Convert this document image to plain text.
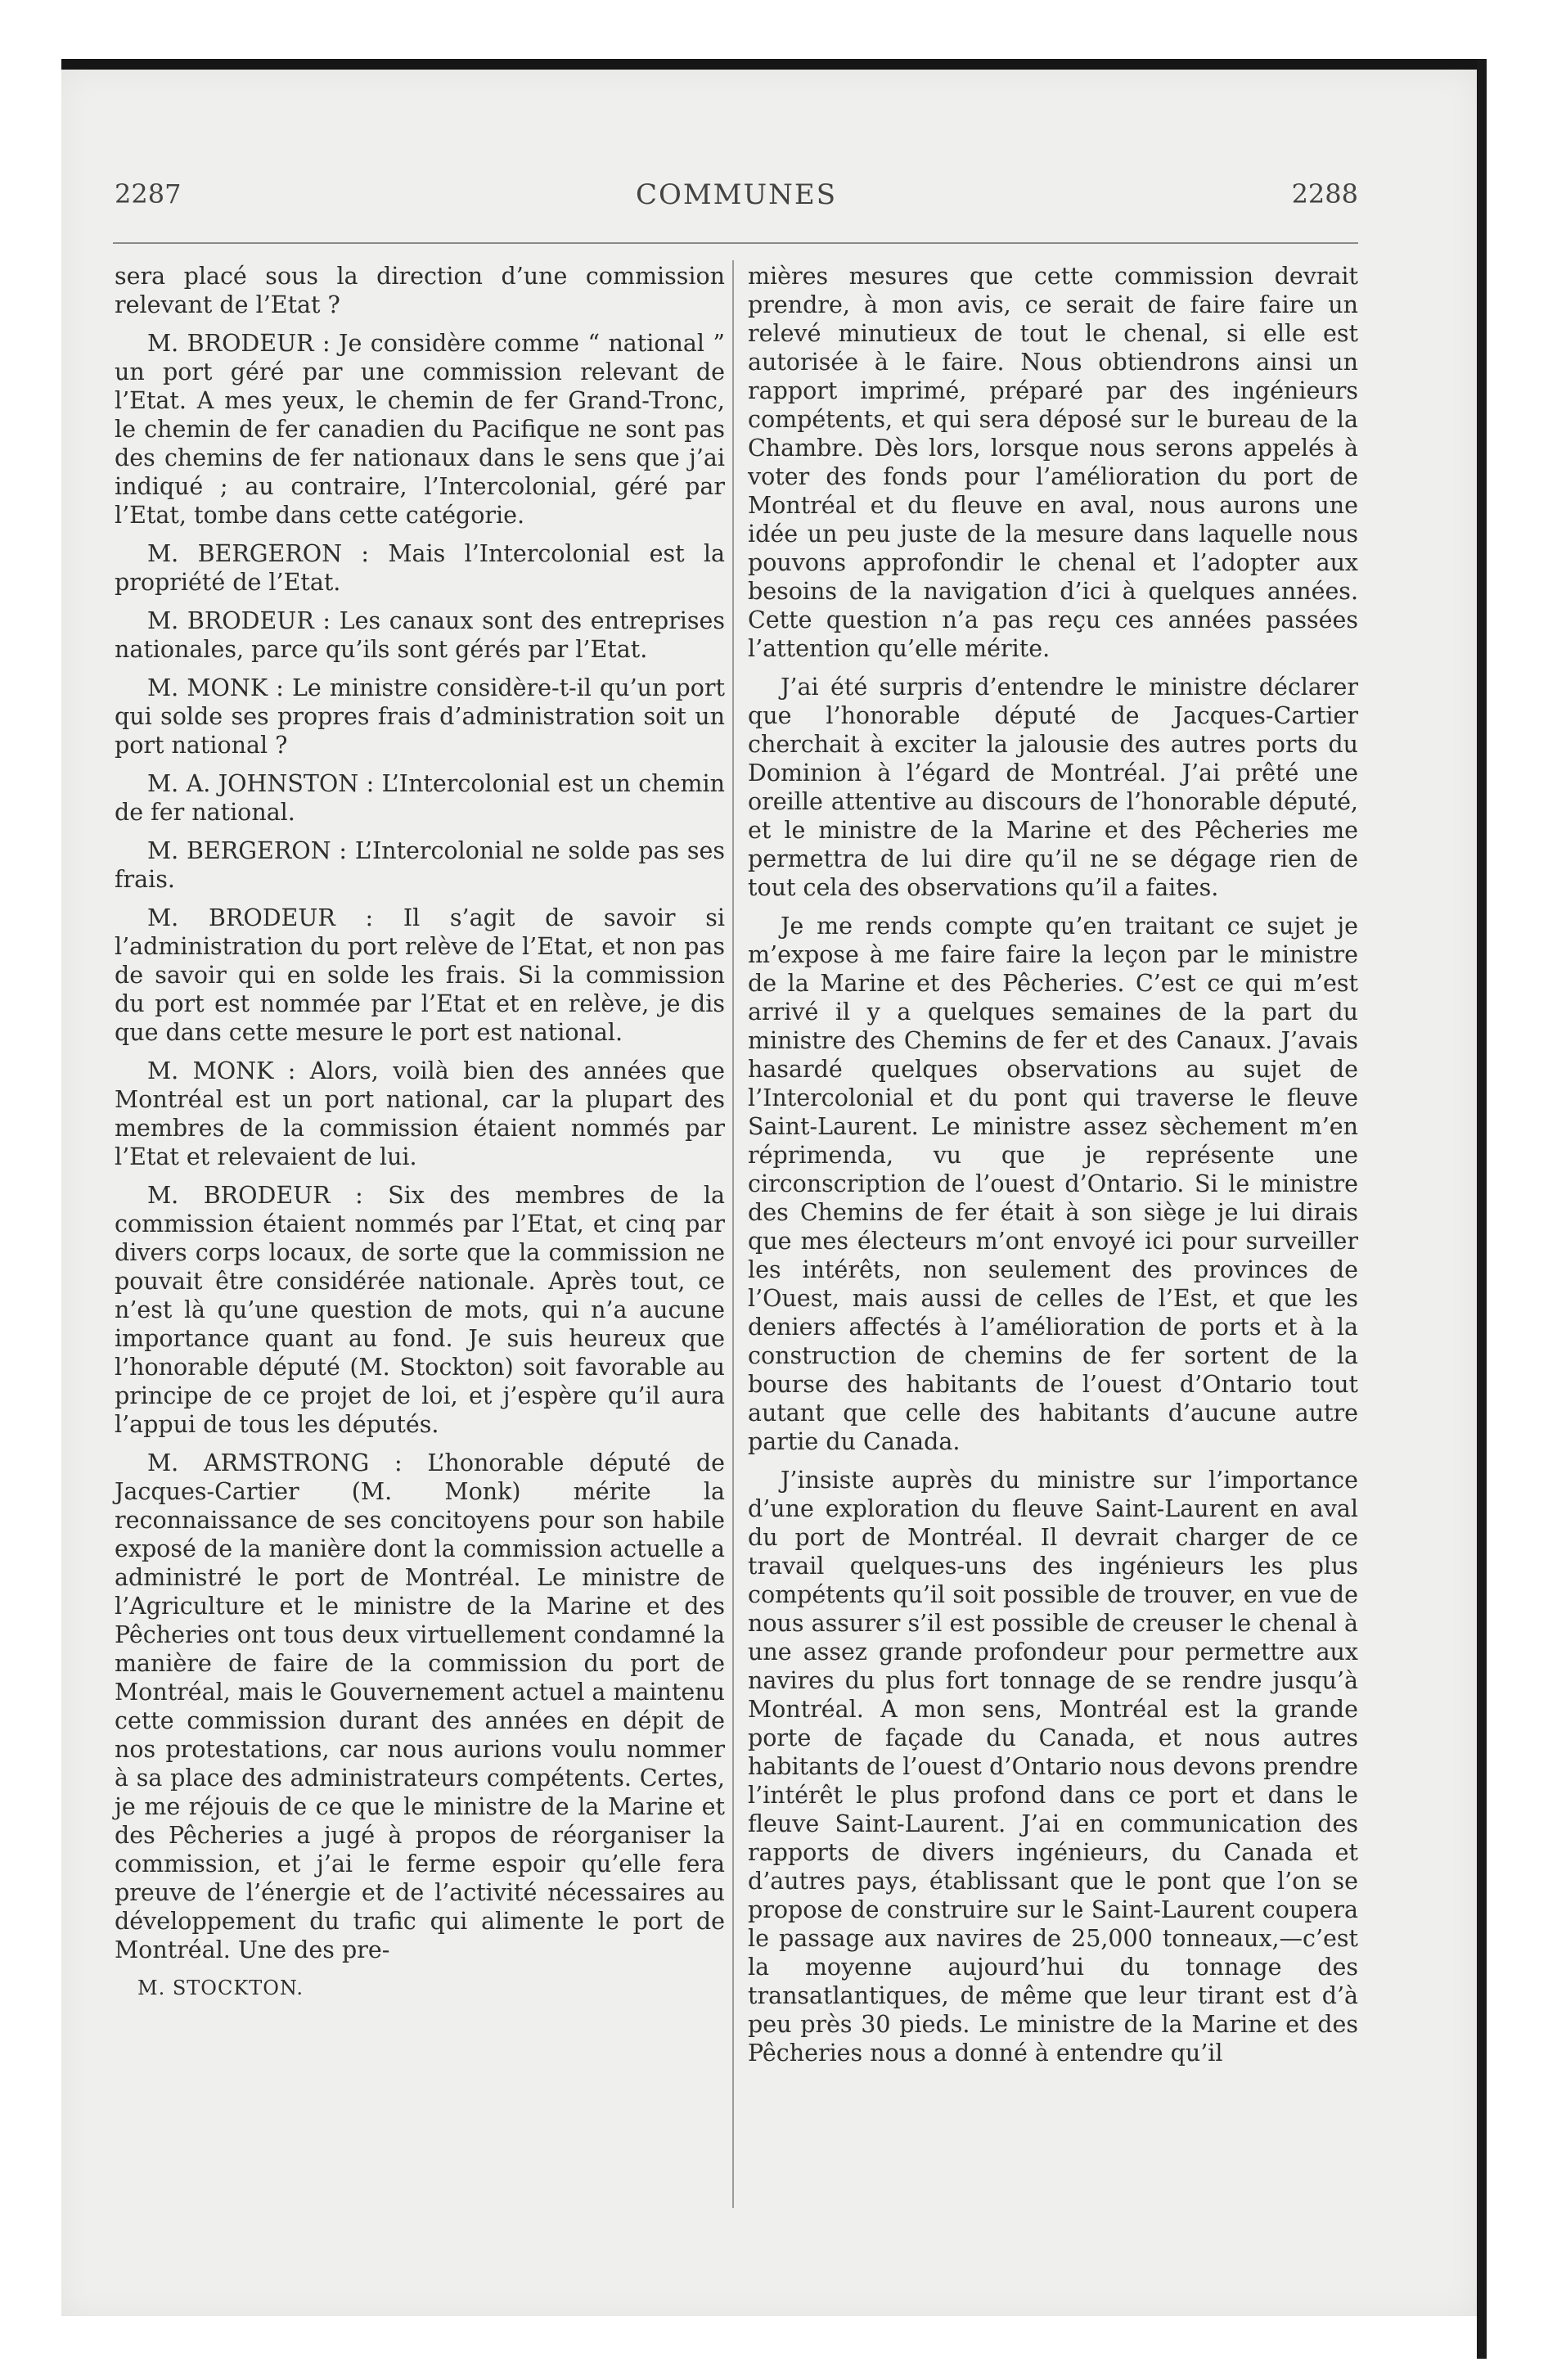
2287	COMMUNES	2288

sera placé sous la direction d’une commission relevant de l’Etat ?

M. BRODEUR : Je considère comme “ national ” un port géré par une commission relevant de l’Etat. A mes yeux, le chemin de fer Grand-Tronc, le chemin de fer canadien du Pacifique ne sont pas des chemins de fer nationaux dans le sens que j’ai indiqué ; au contraire, l’Intercolonial, géré par l’Etat, tombe dans cette catégorie.

M. BERGERON : Mais l’Intercolonial est la propriété de l’Etat.

M. BRODEUR : Les canaux sont des entreprises nationales, parce qu’ils sont gérés par l’Etat.

M. MONK : Le ministre considère-t-il qu’un port qui solde ses propres frais d’administration soit un port national ?

M. A. JOHNSTON : L’Intercolonial est un chemin de fer national.

M. BERGERON : L’Intercolonial ne solde pas ses frais.

M. BRODEUR : Il s’agit de savoir si l’administration du port relève de l’Etat, et non pas de savoir qui en solde les frais. Si la commission du port est nommée par l’Etat et en relève, je dis que dans cette mesure le port est national.

M. MONK : Alors, voilà bien des années que Montréal est un port national, car la plupart des membres de la commission étaient nommés par l’Etat et relevaient de lui.

M. BRODEUR : Six des membres de la commission étaient nommés par l’Etat, et cinq par divers corps locaux, de sorte que la commission ne pouvait être considérée nationale. Après tout, ce n’est là qu’une question de mots, qui n’a aucune importance quant au fond. Je suis heureux que l’honorable député (M. Stockton) soit favorable au principe de ce projet de loi, et j’espère qu’il aura l’appui de tous les députés.

M. ARMSTRONG : L’honorable député de Jacques-Cartier (M. Monk) mérite la reconnaissance de ses concitoyens pour son habile exposé de la manière dont la commission actuelle a administré le port de Montréal. Le ministre de l’Agriculture et le ministre de la Marine et des Pêcheries ont tous deux virtuellement condamné la manière de faire de la commission du port de Montréal, mais le Gouvernement actuel a maintenu cette commission durant des années en dépit de nos protestations, car nous aurions voulu nommer à sa place des administrateurs compétents. Certes, je me réjouis de ce que le ministre de la Marine et des Pêcheries a jugé à propos de réorganiser la commission, et j’ai le ferme espoir qu’elle fera preuve de l’énergie et de l’activité nécessaires au développement du trafic qui alimente le port de Montréal. Une des pre-

M. STOCKTON.

mières mesures que cette commission devrait prendre, à mon avis, ce serait de faire faire un relevé minutieux de tout le chenal, si elle est autorisée à le faire. Nous obtiendrons ainsi un rapport imprimé, préparé par des ingénieurs compétents, et qui sera déposé sur le bureau de la Chambre. Dès lors, lorsque nous serons appelés à voter des fonds pour l’amélioration du port de Montréal et du fleuve en aval, nous aurons une idée un peu juste de la mesure dans laquelle nous pouvons approfondir le chenal et l’adopter aux besoins de la navigation d’ici à quelques années. Cette question n’a pas reçu ces années passées l’attention qu’elle mérite.

J’ai été surpris d’entendre le ministre déclarer que l’honorable député de Jacques-Cartier cherchait à exciter la jalousie des autres ports du Dominion à l’égard de Montréal. J’ai prêté une oreille attentive au discours de l’honorable député, et le ministre de la Marine et des Pêcheries me permettra de lui dire qu’il ne se dégage rien de tout cela des observations qu’il a faites.

Je me rends compte qu’en traitant ce sujet je m’expose à me faire faire la leçon par le ministre de la Marine et des Pêcheries. C’est ce qui m’est arrivé il y a quelques semaines de la part du ministre des Chemins de fer et des Canaux. J’avais hasardé quelques observations au sujet de l’Intercolonial et du pont qui traverse le fleuve Saint-Laurent. Le ministre assez sèchement m’en réprimenda, vu que je représente une circonscription de l’ouest d’Ontario. Si le ministre des Chemins de fer était à son siège je lui dirais que mes électeurs m’ont envoyé ici pour surveiller les intérêts, non seulement des provinces de l’Ouest, mais aussi de celles de l’Est, et que les deniers affectés à l’amélioration de ports et à la construction de chemins de fer sortent de la bourse des habitants de l’ouest d’Ontario tout autant que celle des habitants d’aucune autre partie du Canada.

J’insiste auprès du ministre sur l’importance d’une exploration du fleuve Saint-Laurent en aval du port de Montréal. Il devrait charger de ce travail quelques-uns des ingénieurs les plus compétents qu’il soit possible de trouver, en vue de nous assurer s’il est possible de creuser le chenal à une assez grande profondeur pour permettre aux navires du plus fort tonnage de se rendre jusqu’à Montréal. A mon sens, Montréal est la grande porte de façade du Canada, et nous autres habitants de l’ouest d’Ontario nous devons prendre l’intérêt le plus profond dans ce port et dans le fleuve Saint-Laurent. J’ai en communication des rapports de divers ingénieurs, du Canada et d’autres pays, établissant que le pont que l’on se propose de construire sur le Saint-Laurent coupera le passage aux navires de 25,000 tonneaux,—c’est la moyenne aujourd’hui du tonnage des transatlantiques, de même que leur tirant est d’à peu près 30 pieds. Le ministre de la Marine et des Pêcheries nous a donné à entendre qu’il
